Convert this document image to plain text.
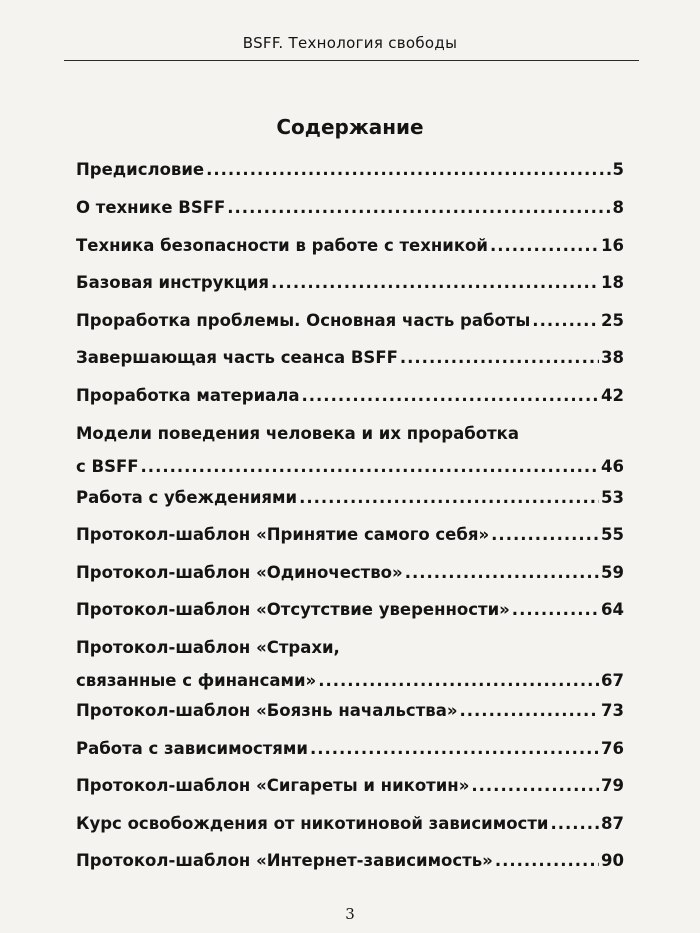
BSFF. Технология свободы
Содержание
Предисловие .....	5
О технике BSFF .....	8
Техника безопасности в работе с техникой .....	16
Базовая инструкция .....	18
Проработка проблемы. Основная часть работы .....	25
Завершающая часть сеанса BSFF .....	38
Проработка материала .....	42
Модели поведения человека и их проработка
с BSFF .....	46
Работа с убеждениями .....	53
Протокол-шаблон «Принятие самого себя» .....	55
Протокол-шаблон «Одиночество» .....	59
Протокол-шаблон «Отсутствие уверенности» .....	64
Протокол-шаблон «Страхи,
связанные с финансами» .....	67
Протокол-шаблон «Боязнь начальства» .....	73
Работа с зависимостями .....	76
Протокол-шаблон «Сигареты и никотин» .....	79
Курс освобождения от никотиновой зависимости .....	87
Протокол-шаблон «Интернет-зависимость» .....	90
3
